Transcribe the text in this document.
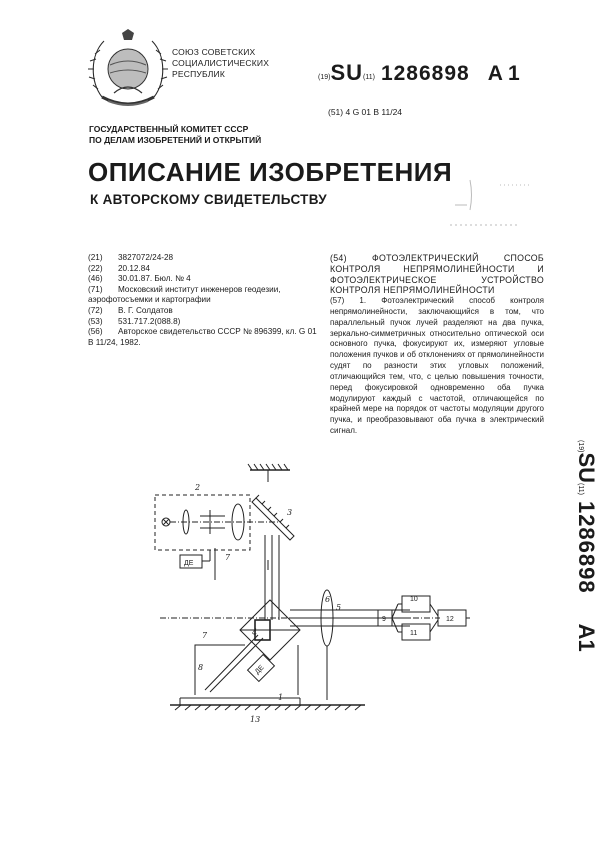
СОЮЗ СОВЕТСКИХ
СОЦИАЛИСТИЧЕСКИХ
РЕСПУБЛИК	(19)SU(11) 1286898 A 1
(51) 4 G 01 B 11/24
ГОСУДАРСТВЕННЫЙ КОМИТЕТ СССР
ПО ДЕЛАМ ИЗОБРЕТЕНИЙ И ОТКРЫТИЙ
ОПИСАНИЕ ИЗОБРЕТЕНИЯ
К АВТОРСКОМУ СВИДЕТЕЛЬСТВУ
(21) 3827072/24-28
(22) 20.12.84
(46) 30.01.87. Бюл. № 4
(71) Московский институт инженеров геодезии, аэрофотосъемки и картографии
(72) В. Г. Солдатов
(53) 531.717.2(088.8)
(56) Авторское свидетельство СССР № 896399, кл. G 01 B 11/24, 1982.
(54) ФОТОЭЛЕКТРИЧЕСКИЙ СПОСОБ КОНТРОЛЯ НЕПРЯМОЛИНЕЙНОСТИ И ФОТОЭЛЕКТРИЧЕСКОЕ УСТРОЙСТВО КОНТРОЛЯ НЕПРЯМОЛИНЕЙНОСТИ
(57) 1. Фотоэлектрический способ контроля непрямолинейности, заключающийся в том, что параллельный пучок лучей разделяют на два пучка, зеркально-симметричных относительно оптической оси основного пучка, фокусируют их, измеряют угловые положения пучков и об отклонениях от прямолинейности судят по разности этих угловых положений, отличающийся тем, что, с целью повышения точности, перед фокусировкой одновременно оба пучка модулируют каждый с частотой, отличающейся по крайней мере на порядок от частоты модуляции другого пучка, и преобразовывают оба пучка в электрический сигнал.
(19)SU(11)1286898A1
ДЕ
ДЕ
9
10
11
12
1
2
3
4
5
6
7
7
8
13
